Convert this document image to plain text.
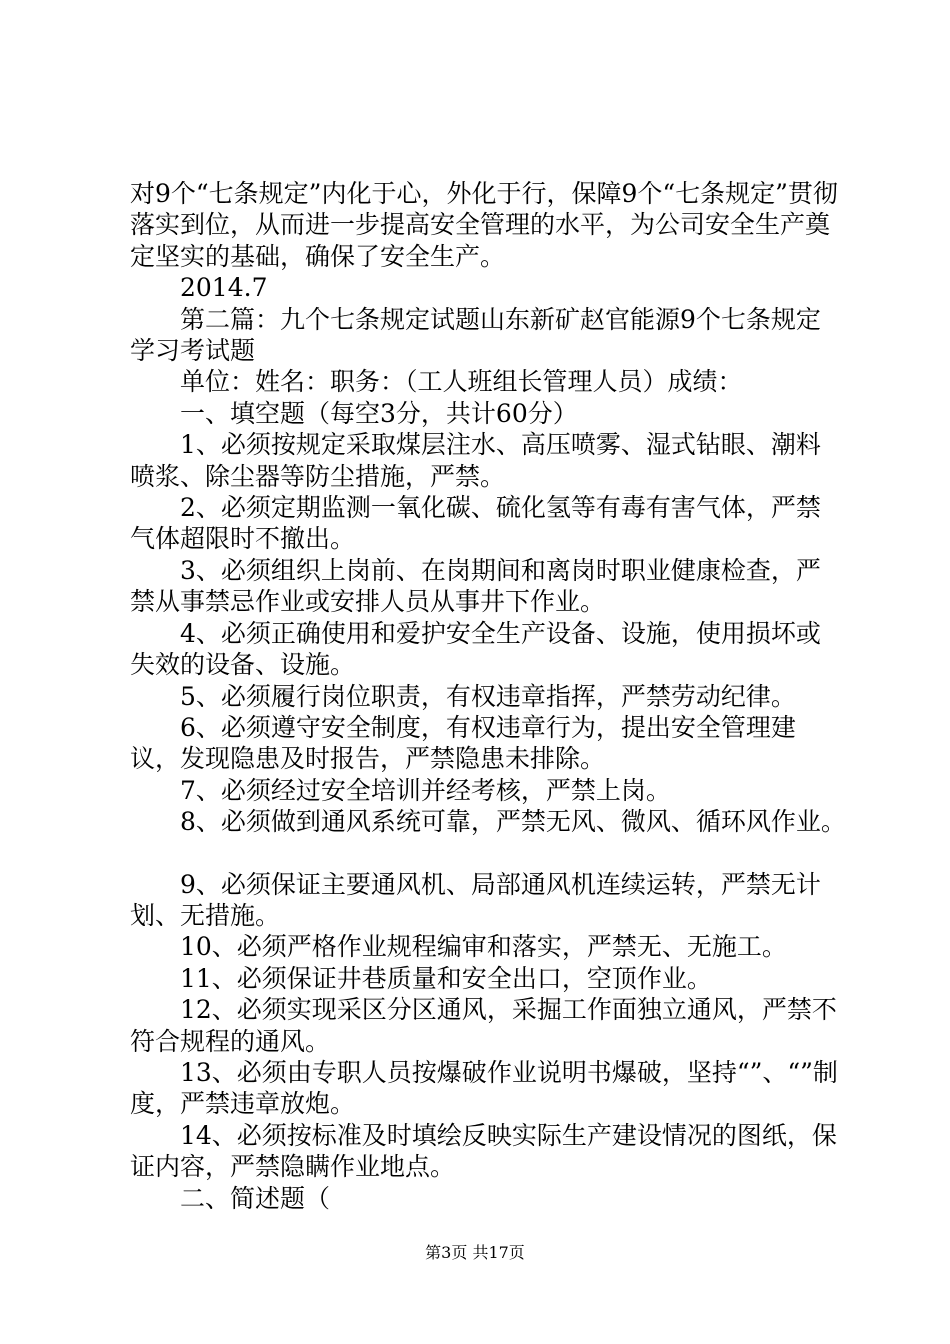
对9个“七条规定”内化于心，外化于行，保障9个“七条规定”贯彻落实到位，从而进一步提高安全管理的水平，为公司安全生产奠定坚实的基础，确保了安全生产。

2014.7

第二篇：九个七条规定试题山东新矿赵官能源9个七条规定学习考试题

单位：姓名：职务：（工人班组长管理人员）成绩：

一、填空题（每空3分，共计60分）

1、必须按规定采取煤层注水、高压喷雾、湿式钻眼、潮料喷浆、除尘器等防尘措施，严禁。

2、必须定期监测一氧化碳、硫化氢等有毒有害气体，严禁气体超限时不撤出。

3、必须组织上岗前、在岗期间和离岗时职业健康检查，严禁从事禁忌作业或安排人员从事井下作业。

4、必须正确使用和爱护安全生产设备、设施，使用损坏或失效的设备、设施。

5、必须履行岗位职责，有权违章指挥，严禁劳动纪律。

6、必须遵守安全制度，有权违章行为，提出安全管理建议，发现隐患及时报告，严禁隐患未排除。

7、必须经过安全培训并经考核，严禁上岗。

8、必须做到通风系统可靠，严禁无风、微风、循环风作业。

9、必须保证主要通风机、局部通风机连续运转，严禁无计划、无措施。

10、必须严格作业规程编审和落实，严禁无、无施工。

11、必须保证井巷质量和安全出口，空顶作业。

12、必须实现采区分区通风，采掘工作面独立通风，严禁不符合规程的通风。

13、必须由专职人员按爆破作业说明书爆破，坚持“”、“”制度，严禁违章放炮。

14、必须按标准及时填绘反映实际生产建设情况的图纸，保证内容，严禁隐瞒作业地点。

二、简述题（

第3页 共17页
